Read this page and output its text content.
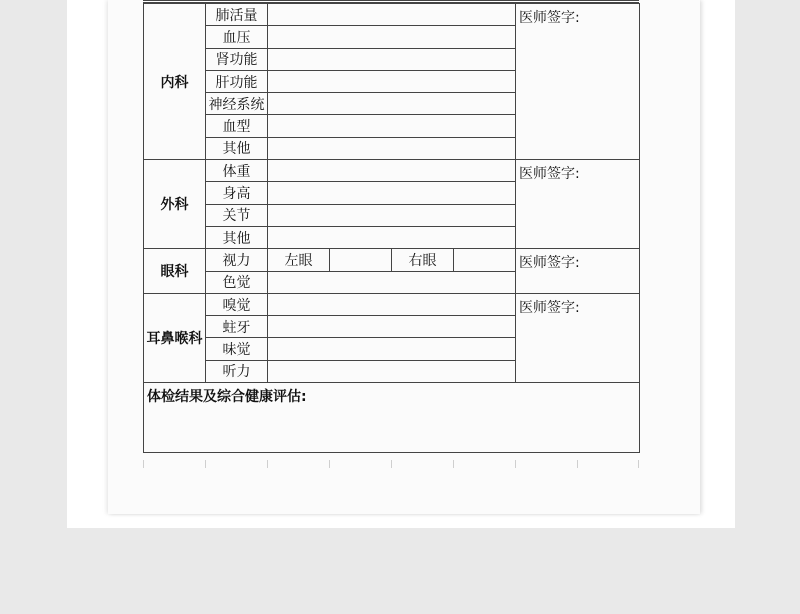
内科	肺活量					医师签字:
	血压					
	肾功能					
	肝功能					
	神经系统					
	血型					
	其他					
外科	体重					医师签字:
	身高					
	关节					
	其他					
眼科	视力	左眼		右眼		医师签字:
	色觉					
耳鼻喉科	嗅觉					医师签字:
	蛀牙					
	味觉					
	听力					
体检结果及综合健康评估:						
